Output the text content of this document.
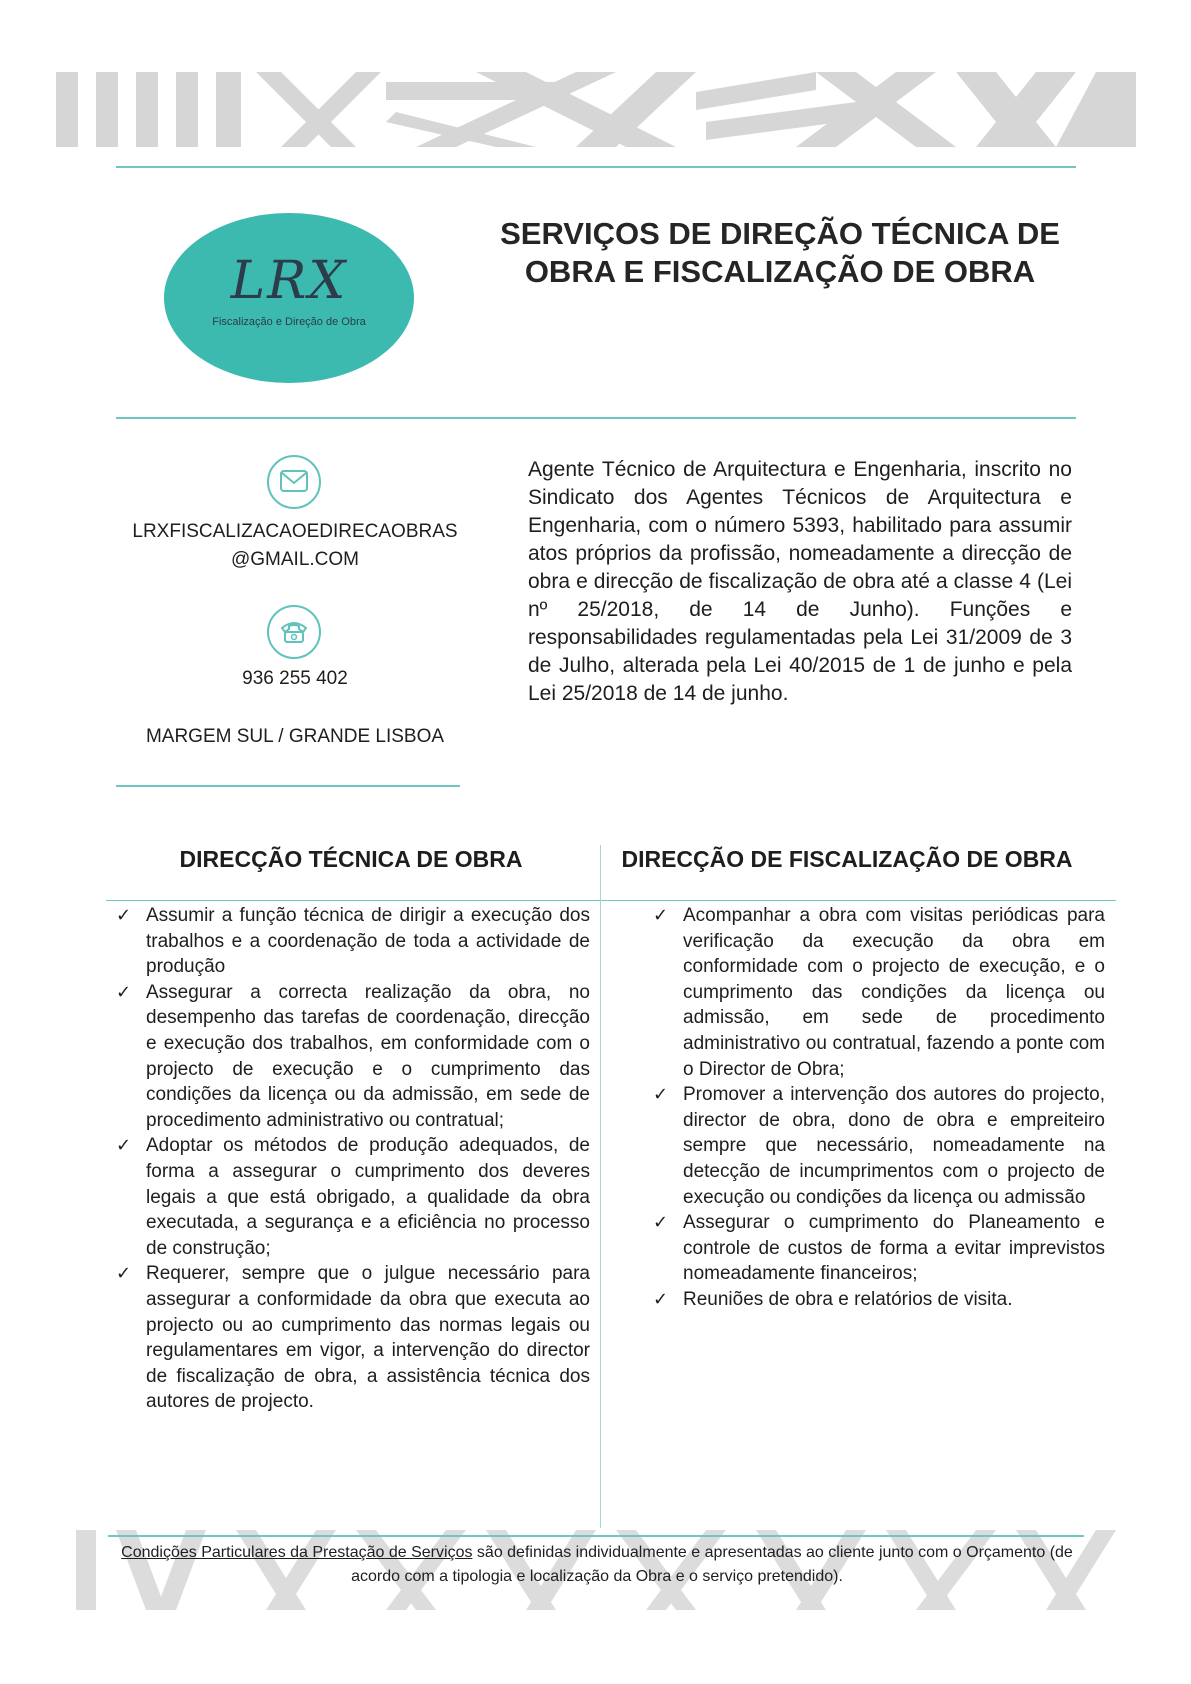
LRX
Fiscalização e Direção de Obra
SERVIÇOS DE DIREÇÃO TÉCNICA DE OBRA E FISCALIZAÇÃO DE OBRA
LRXFISCALIZACAOEDIRECAOBRAS
@GMAIL.COM
936 255 402
MARGEM SUL / GRANDE LISBOA

Agente Técnico de Arquitectura e Engenharia, inscrito no Sindicato dos Agentes Técnicos de Arquitectura e Engenharia, com o número 5393, habilitado para assumir atos próprios da profissão, nomeadamente a direcção de obra e direcção de fiscalização de obra até a classe 4 (Lei nº 25/2018, de 14 de Junho). Funções e responsabilidades regulamentadas pela Lei 31/2009 de 3 de Julho, alterada pela Lei 40/2015 de 1 de junho e pela Lei 25/2018 de 14 de junho.

DIRECÇÃO TÉCNICA DE OBRA	DIRECÇÃO DE FISCALIZAÇÃO DE OBRA
✓ Assumir a função técnica de dirigir a execução dos trabalhos e a coordenação de toda a actividade de produção
✓ Assegurar a correcta realização da obra, no desempenho das tarefas de coordenação, direcção e execução dos trabalhos, em conformidade com o projecto de execução e o cumprimento das condições da licença ou da admissão, em sede de procedimento administrativo ou contratual;
✓ Adoptar os métodos de produção adequados, de forma a assegurar o cumprimento dos deveres legais a que está obrigado, a qualidade da obra executada, a segurança e a eficiência no processo de construção;
✓ Requerer, sempre que o julgue necessário para assegurar a conformidade da obra que executa ao projecto ou ao cumprimento das normas legais ou regulamentares em vigor, a intervenção do director de fiscalização de obra, a assistência técnica dos autores de projecto.
✓ Acompanhar a obra com visitas periódicas para verificação da execução da obra em conformidade com o projecto de execução, e o cumprimento das condições da licença ou admissão, em sede de procedimento administrativo ou contratual, fazendo a ponte com o Director de Obra;
✓ Promover a intervenção dos autores do projecto, director de obra, dono de obra e empreiteiro sempre que necessário, nomeadamente na detecção de incumprimentos com o projecto de execução ou condições da licença ou admissão
✓ Assegurar o cumprimento do Planeamento e controle de custos de forma a evitar imprevistos nomeadamente financeiros;
✓ Reuniões de obra e relatórios de visita.

Condições Particulares da Prestação de Serviços são definidas individualmente e apresentadas ao cliente junto com o Orçamento (de acordo com a tipologia e localização da Obra e o serviço pretendido).
